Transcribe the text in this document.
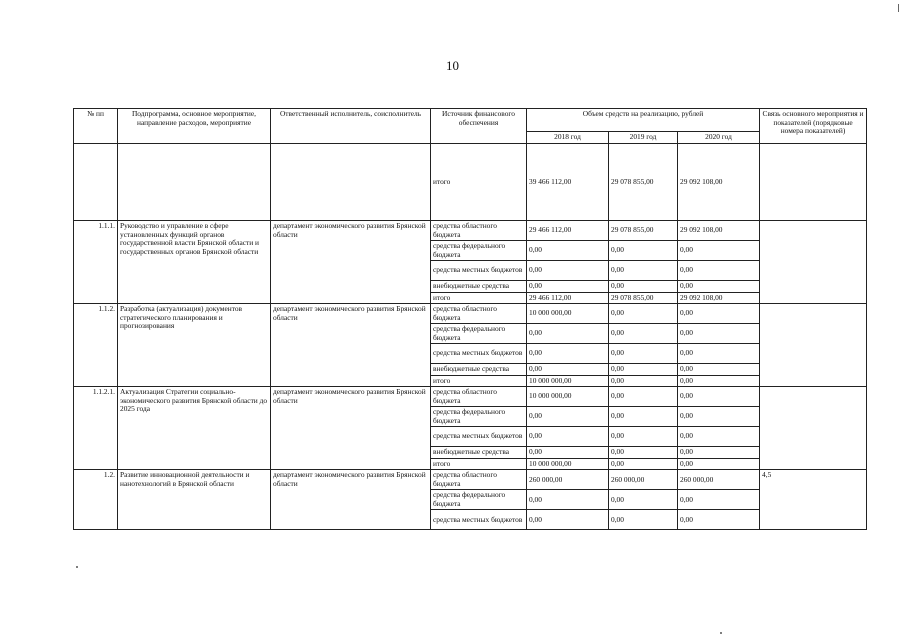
10
№ пп	Подпрограмма, основное мероприятие, направление расходов, мероприятие	Ответственный исполнитель, соисполнитель	Источник финансового обеспечения	Объем средств на реализацию, рублей			Связь основного мероприятия и показателей (порядковые номера показателей)
				2018 год	2019 год	2020 год	
			итого	39 466 112,00	29 078 855,00	29 092 108,00	
1.1.1.	Руководство и управление в сфере установленных функций органов государственной власти Брянской области и государственных органов Брянской области	департамент экономического развития Брянской области	средства областного бюджета	29 466 112,00	29 078 855,00	29 092 108,00	
			средства федерального бюджета	0,00	0,00	0,00	
			средства местных бюджетов	0,00	0,00	0,00	
			внебюджетные средства	0,00	0,00	0,00	
			итого	29 466 112,00	29 078 855,00	29 092 108,00	
1.1.2.	Разработка (актуализация) документов стратегического планирования и прогнозирования	департамент экономического развития Брянской области	средства областного бюджета	10 000 000,00	0,00	0,00	
			средства федерального бюджета	0,00	0,00	0,00	
			средства местных бюджетов	0,00	0,00	0,00	
			внебюджетные средства	0,00	0,00	0,00	
			итого	10 000 000,00	0,00	0,00	
1.1.2.1.	Актуализация Стратегии социально-экономического развития Брянской области до 2025 года	департамент экономического развития Брянской области	средства областного бюджета	10 000 000,00	0,00	0,00	
			средства федерального бюджета	0,00	0,00	0,00	
			средства местных бюджетов	0,00	0,00	0,00	
			внебюджетные средства	0,00	0,00	0,00	
			итого	10 000 000,00	0,00	0,00	
1.2.	Развитие инновационной деятельности и нанотехнологий в Брянской области	департамент экономического развития Брянской области	средства областного бюджета	260 000,00	260 000,00	260 000,00	4,5
			средства федерального бюджета	0,00	0,00	0,00	
			средства местных бюджетов	0,00	0,00	0,00	
